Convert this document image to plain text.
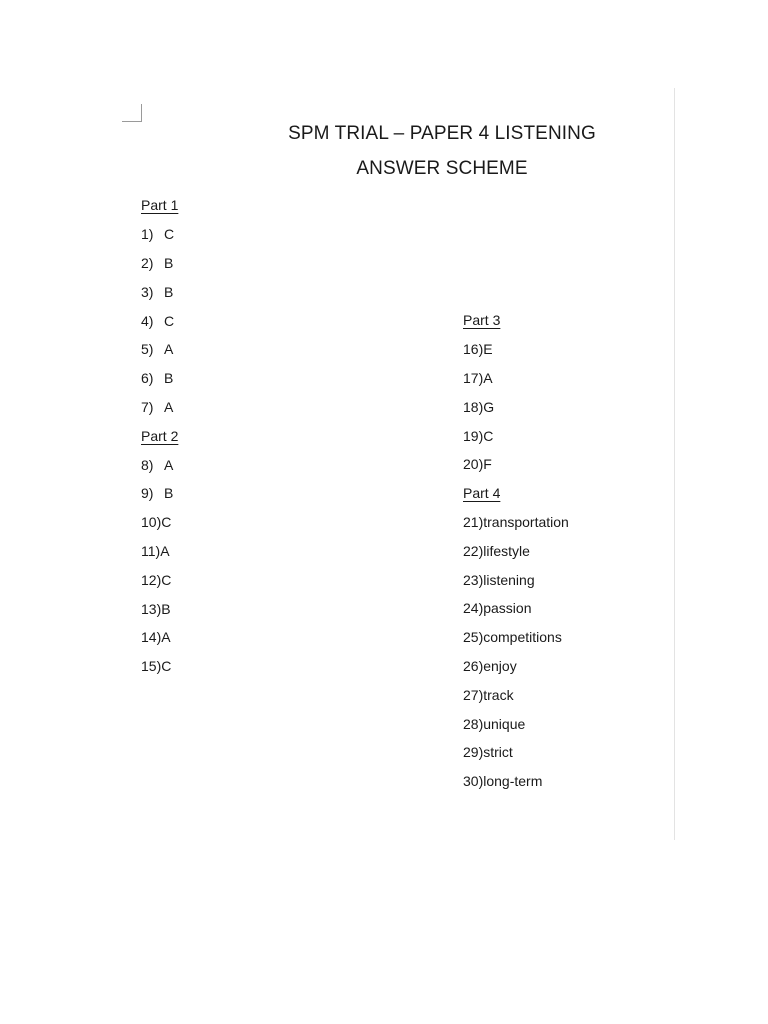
SPM TRIAL – PAPER 4 LISTENING
ANSWER SCHEME
Part 1
1) C
2) B
3) B
4) C
5) A
6) B
7) A
Part 2
8) A
9) B
10)C
11)A
12)C
13)B
14)A
15)C
Part 3
16)E
17)A
18)G
19)C
20)F
Part 4
21)transportation
22)lifestyle
23)listening
24)passion
25)competitions
26)enjoy
27)track
28)unique
29)strict
30)long-term
